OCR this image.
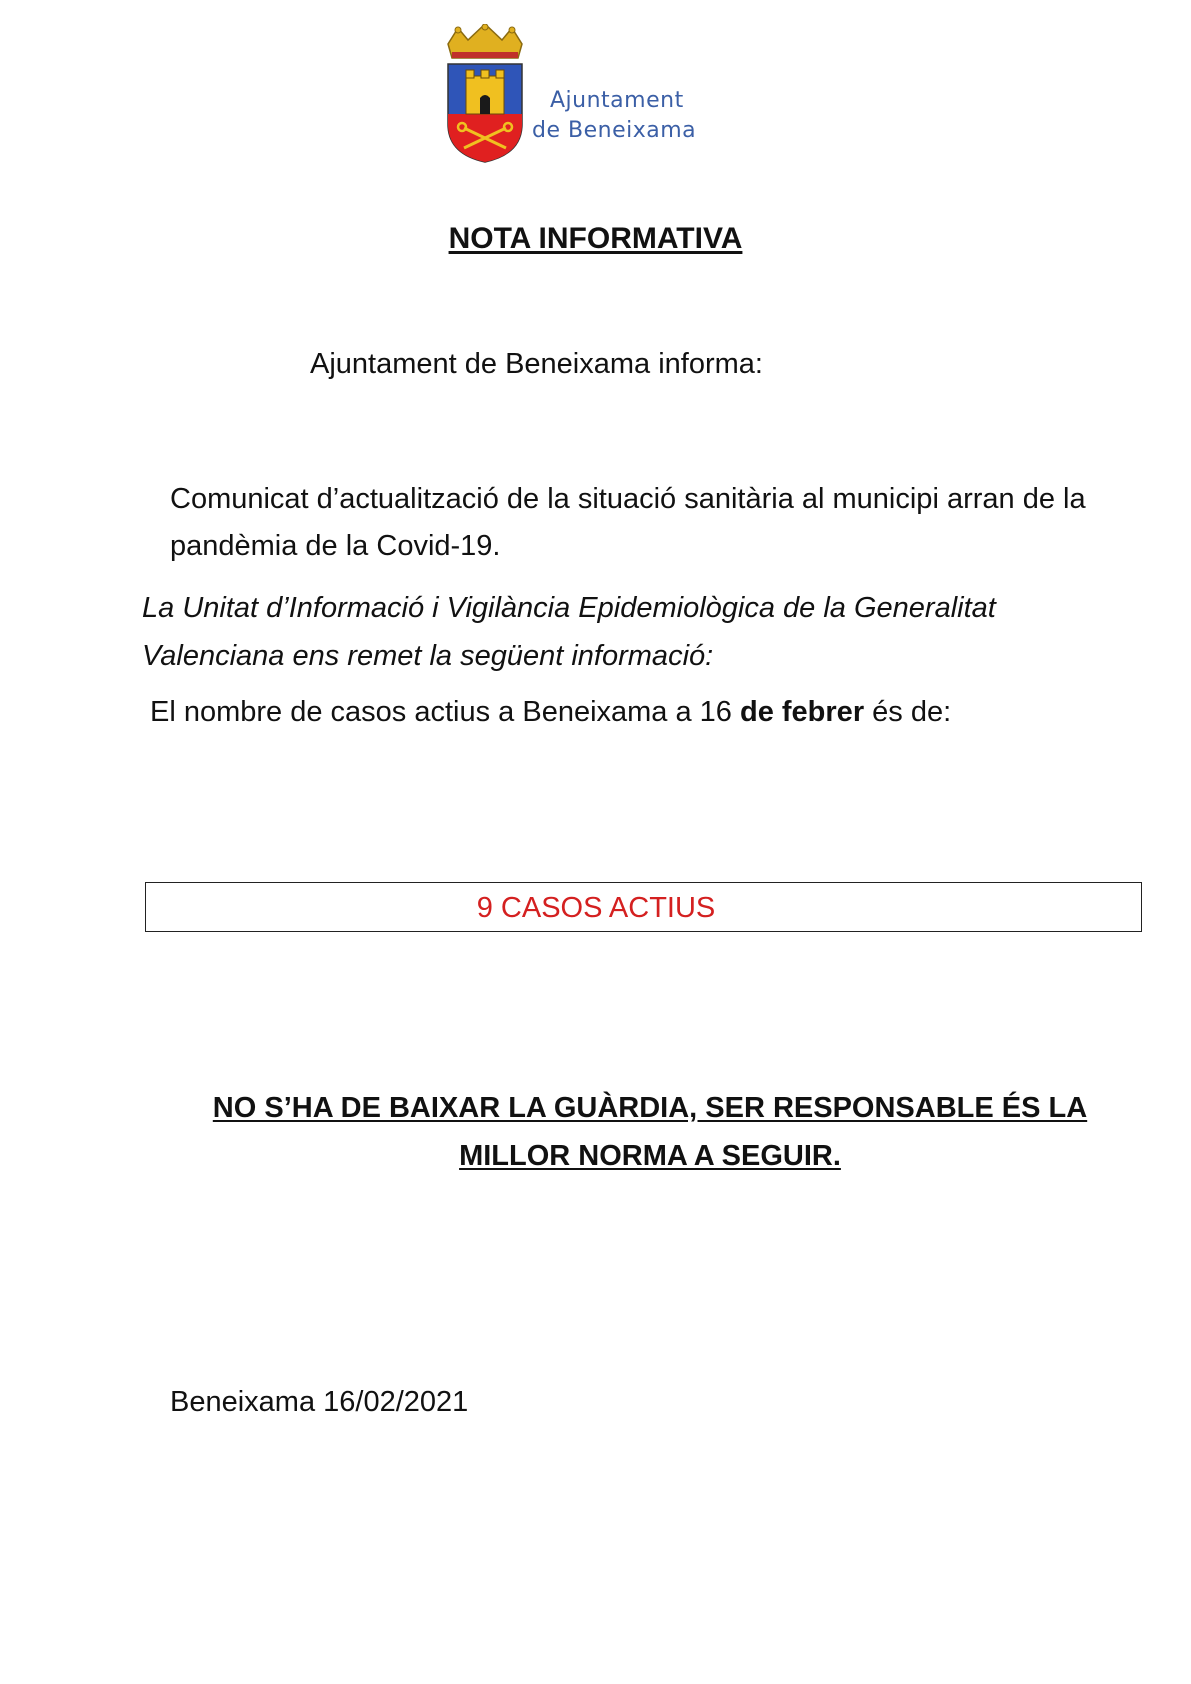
Ajuntament
de Beneixama
NOTA INFORMATIVA
Ajuntament de Beneixama informa:
Comunicat d’actualització de la situació sanitària al municipi arran de la pandèmia de la Covid-19.
La Unitat d’Informació i Vigilància Epidemiològica de la Generalitat Valenciana ens remet la següent informació:
El nombre de casos actius a Beneixama a 16 de febrer és de:
9 CASOS ACTIUS
NO S’HA DE BAIXAR LA GUÀRDIA, SER RESPONSABLE ÉS LA
MILLOR NORMA A SEGUIR.
Beneixama 16/02/2021
